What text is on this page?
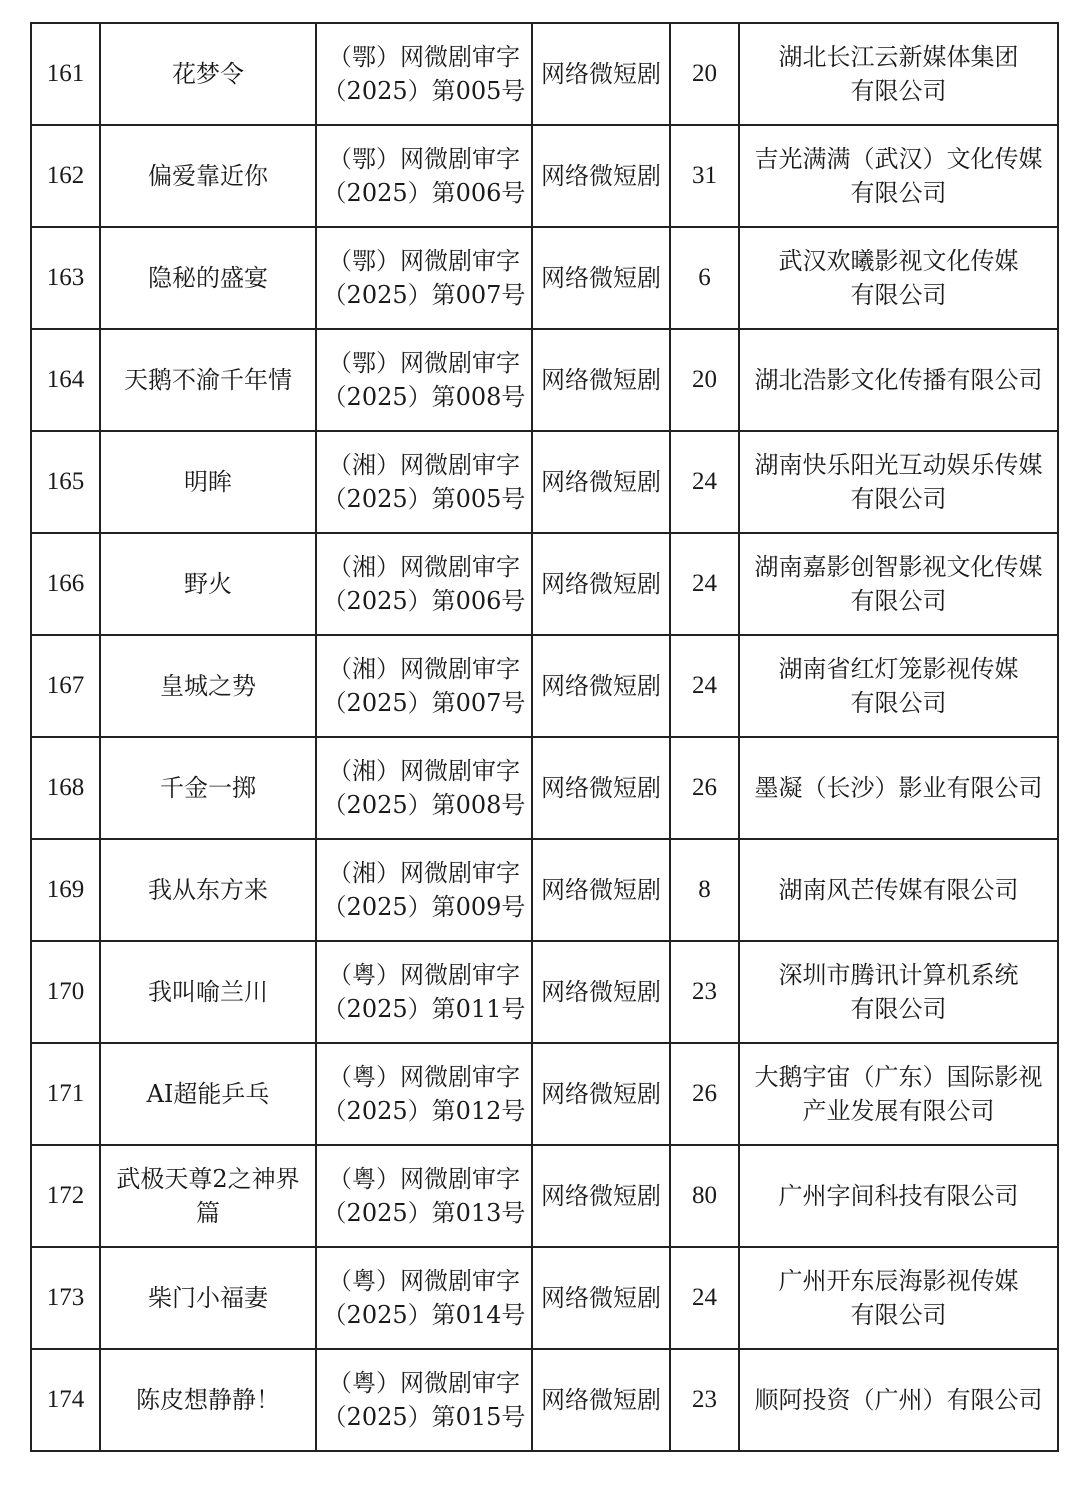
161	花梦令	（鄂）网微剧审字
（2025）第005号	网络微短剧	20	湖北长江云新媒体集团
有限公司

162	偏爱靠近你	（鄂）网微剧审字
（2025）第006号	网络微短剧	31	吉光满满（武汉）文化传媒
有限公司

163	隐秘的盛宴	（鄂）网微剧审字
（2025）第007号	网络微短剧	6	武汉欢曦影视文化传媒
有限公司

164	天鹅不渝千年情	（鄂）网微剧审字
（2025）第008号	网络微短剧	20	湖北浩影文化传播有限公司

165	明眸	（湘）网微剧审字
（2025）第005号	网络微短剧	24	湖南快乐阳光互动娱乐传媒
有限公司

166	野火	（湘）网微剧审字
（2025）第006号	网络微短剧	24	湖南嘉影创智影视文化传媒
有限公司

167	皇城之势	（湘）网微剧审字
（2025）第007号	网络微短剧	24	湖南省红灯笼影视传媒
有限公司

168	千金一掷	（湘）网微剧审字
（2025）第008号	网络微短剧	26	墨凝（长沙）影业有限公司

169	我从东方来	（湘）网微剧审字
（2025）第009号	网络微短剧	8	湖南风芒传媒有限公司

170	我叫喻兰川	（粤）网微剧审字
（2025）第011号	网络微短剧	23	深圳市腾讯计算机系统
有限公司

171	AI超能乒乓	（粤）网微剧审字
（2025）第012号	网络微短剧	26	大鹅宇宙（广东）国际影视
产业发展有限公司

172	武极天尊2之神界篇	（粤）网微剧审字
（2025）第013号	网络微短剧	80	广州字间科技有限公司

173	柴门小福妻	（粤）网微剧审字
（2025）第014号	网络微短剧	24	广州开东辰海影视传媒
有限公司

174	陈皮想静静！	（粤）网微剧审字
（2025）第015号	网络微短剧	23	顺阿投资（广州）有限公司
